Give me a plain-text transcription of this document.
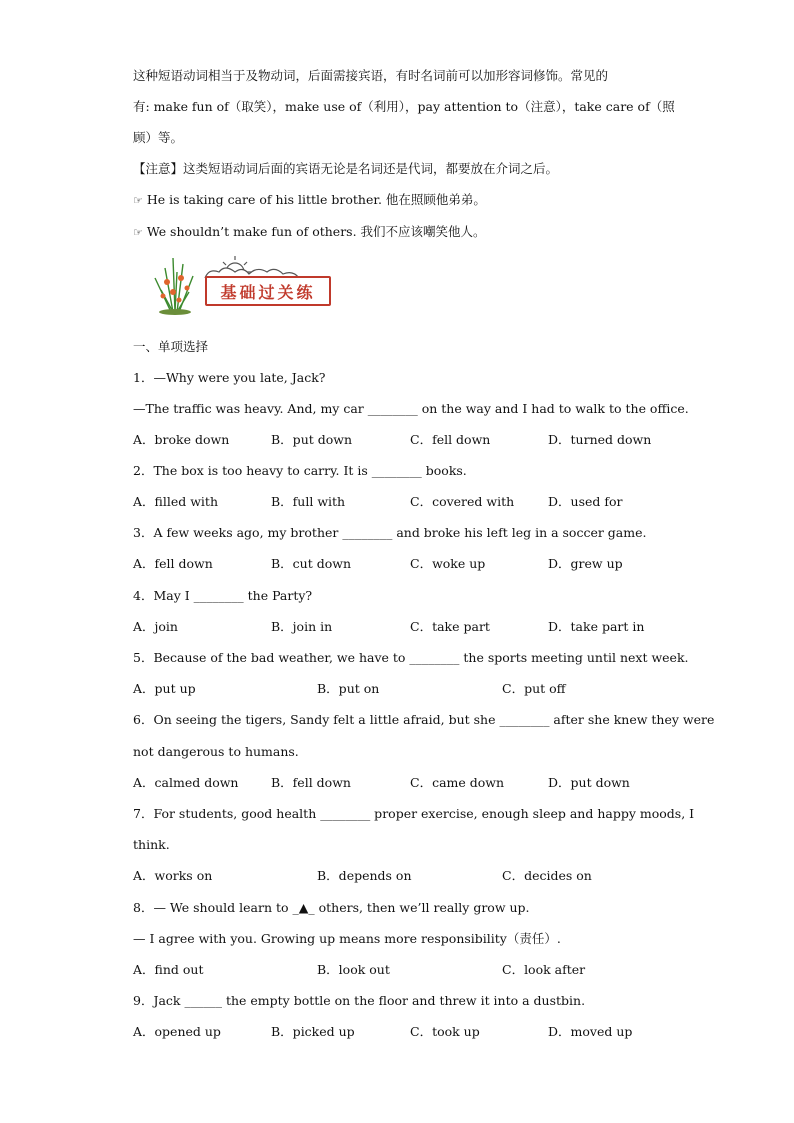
这种短语动词相当于及物动词，后面需接宾语，有时名词前可以加形容词修饰。常见的
有: make fun of（取笑），make use of（利用），pay attention to（注意），take care of（照
顾）等。
【注意】这类短语动词后面的宾语无论是名词还是代词，都要放在介词之后。
☞ He is taking care of his little brother. 他在照顾他弟弟。
☞ We shouldn’t make fun of others. 我们不应该嘲笑他人。
基础过关练
一、单项选择
1．—Why were you late, Jack?
—The traffic was heavy. And, my car ________ on the way and I had to walk to the office.
A．broke down	B．put down	C．fell down	D．turned down
2．The box is too heavy to carry. It is ________ books.
A．filled with	B．full with	C．covered with	D．used for
3．A few weeks ago, my brother ________ and broke his left leg in a soccer game.
A．fell down	B．cut down	C．woke up	D．grew up
4．May I ________ the Party?
A．join	B．join in	C．take part	D．take part in
5．Because of the bad weather, we have to ________ the sports meeting until next week.
A．put up	B．put on	C．put off
6．On seeing the tigers, Sandy felt a little afraid, but she ________ after she knew they were
not dangerous to humans.
A．calmed down	B．fell down	C．came down	D．put down
7．For students, good health ________ proper exercise, enough sleep and happy moods, I
think.
A．works on	B．depends on	C．decides on
8．— We should learn to _▲_ others, then we’ll really grow up.
— I agree with you. Growing up means more responsibility（责任）.
A．find out	B．look out	C．look after
9．Jack ______ the empty bottle on the floor and threw it into a dustbin.
A．opened up	B．picked up	C．took up	D．moved up
